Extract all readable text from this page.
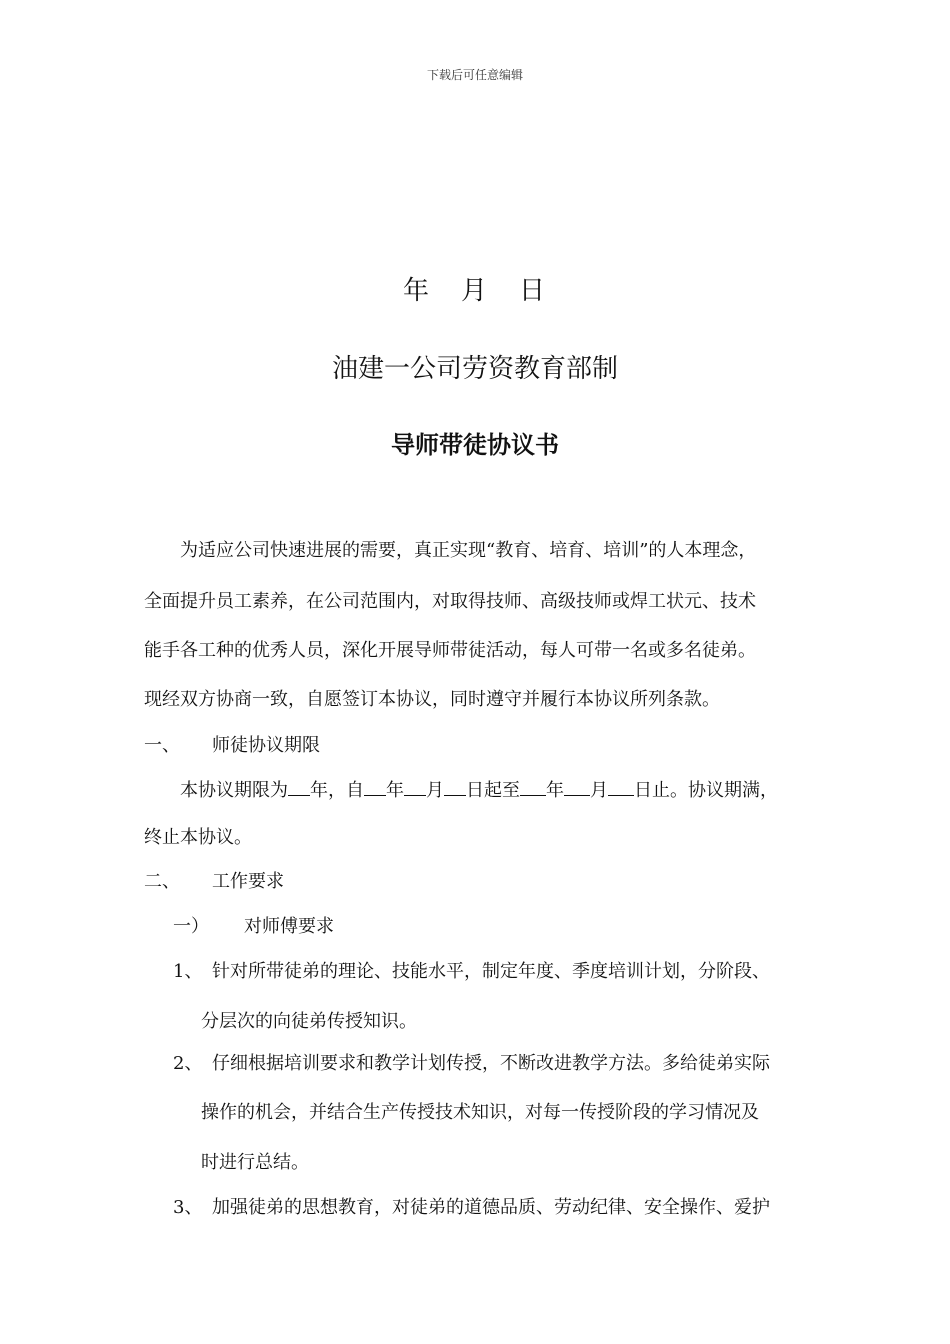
下载后可任意编辑
年 月 日
油建一公司劳资教育部制
导师带徒协议书
为适应公司快速进展的需要，真正实现“教育、培育、培训”的人本理念，
全面提升员工素养，在公司范围内，对取得技师、高级技师或焊工状元、技术
能手各工种的优秀人员，深化开展导师带徒活动，每人可带一名或多名徒弟。
现经双方协商一致，自愿签订本协议，同时遵守并履行本协议所列条款。
一、 师徒协议期限
本协议期限为 年，自 年 月 日起至 年 月 日止。协议期满，
终止本协议。
二、 工作要求
一） 对师傅要求
1、 针对所带徒弟的理论、技能水平，制定年度、季度培训计划，分阶段、
分层次的向徒弟传授知识。
2、 仔细根据培训要求和教学计划传授，不断改进教学方法。多给徒弟实际
操作的机会，并结合生产传授技术知识，对每一传授阶段的学习情况及
时进行总结。
3、 加强徒弟的思想教育，对徒弟的道德品质、劳动纪律、安全操作、爱护
